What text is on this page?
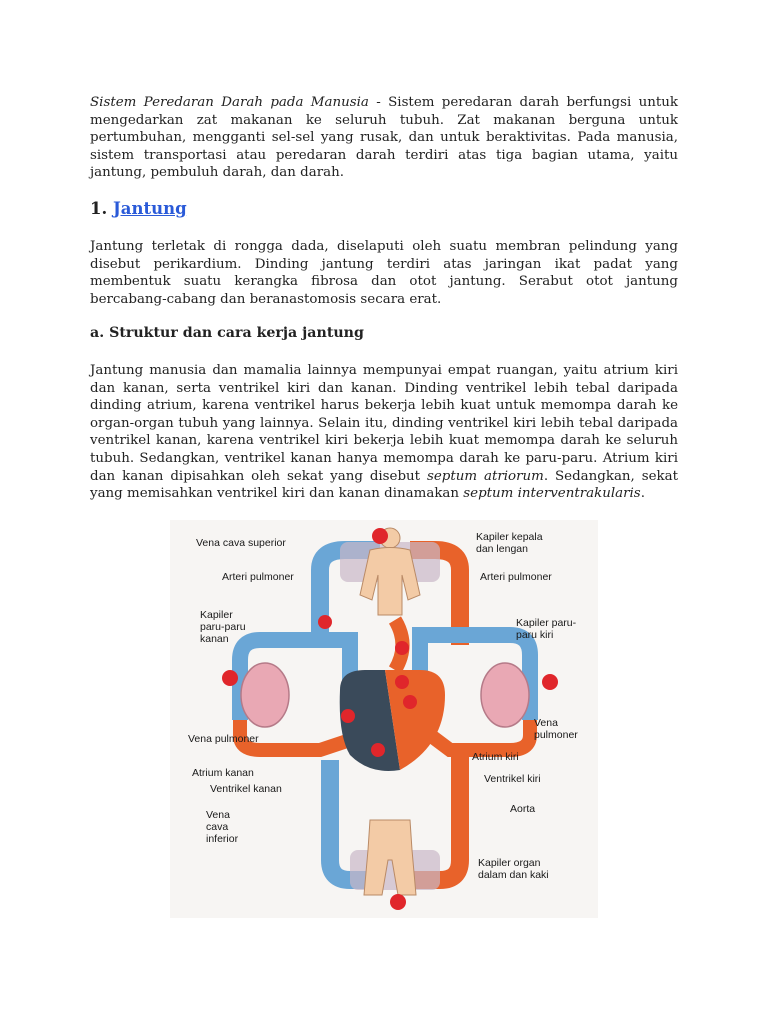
Sistem Peredaran Darah pada Manusia - Sistem peredaran darah berfungsi untuk mengedarkan zat makanan ke seluruh tubuh. Zat makanan berguna untuk pertumbuhan, mengganti sel-sel yang rusak, dan untuk beraktivitas. Pada manusia, sistem transportasi atau peredaran darah terdiri atas tiga bagian utama, yaitu jantung, pembuluh darah, dan darah.

1. Jantung

Jantung terletak di rongga dada, diselaputi oleh suatu membran pelindung yang disebut perikardium. Dinding jantung terdiri atas jaringan ikat padat yang membentuk suatu kerangka fibrosa dan otot jantung. Serabut otot jantung bercabang-cabang dan beranastomosis secara erat.

a. Struktur dan cara kerja jantung

Jantung manusia dan mamalia lainnya mempunyai empat ruangan, yaitu atrium kiri dan kanan, serta ventrikel kiri dan kanan. Dinding ventrikel lebih tebal daripada dinding atrium, karena ventrikel harus bekerja lebih kuat untuk memompa darah ke organ-organ tubuh yang lainnya. Selain itu, dinding ventrikel kiri lebih tebal daripada ventrikel kanan, karena ventrikel kiri bekerja lebih kuat memompa darah ke seluruh tubuh. Sedangkan, ventrikel kanan hanya memompa darah ke paru-paru. Atrium kiri dan kanan dipisahkan oleh sekat yang disebut septum atriorum. Sedangkan, sekat yang memisahkan ventrikel kiri dan kanan dinamakan septum interventrakularis.

Vena cava superior
Arteri pulmoner
Kapiler
paru-paru
kanan
Vena pulmoner
Atrium kanan
Ventrikel kanan
Vena
cava
inferior
Kapiler kepala
dan lengan
Arteri pulmoner
Kapiler paru-
paru kiri
Vena
pulmoner
Atrium kiri
Ventrikel kiri
Aorta
Kapiler organ
dalam dan kaki
